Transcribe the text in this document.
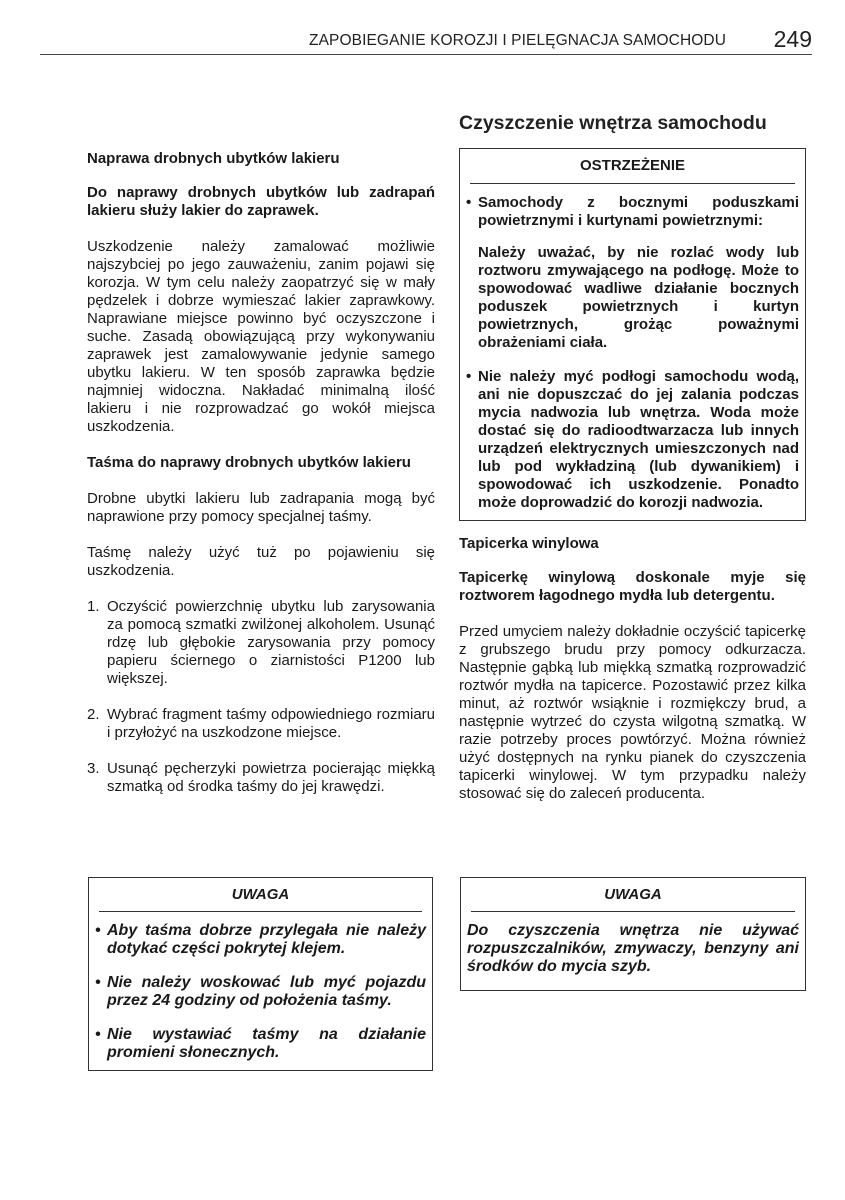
ZAPOBIEGANIE KOROZJI I PIELĘGNACJA SAMOCHODU 249

Naprawa drobnych ubytków lakieru

Do naprawy drobnych ubytków lub zadrapań lakieru służy lakier do zaprawek.

Uszkodzenie należy zamalować możliwie najszybciej po jego zauważeniu, zanim pojawi się korozja. W tym celu należy zaopatrzyć się w mały pędzelek i dobrze wymieszać lakier zaprawkowy. Naprawiane miejsce powinno być oczyszczone i suche. Zasadą obowiązującą przy wykonywaniu zaprawek jest zamalowywanie jedynie samego ubytku lakieru. W ten sposób zaprawka będzie najmniej widoczna. Nakładać minimalną ilość lakieru i nie rozprowadzać go wokół miejsca uszkodzenia.

Taśma do naprawy drobnych ubytków lakieru

Drobne ubytki lakieru lub zadrapania mogą być naprawione przy pomocy specjalnej taśmy.

Taśmę należy użyć tuż po pojawieniu się uszkodzenia.

1. Oczyścić powierzchnię ubytku lub zarysowania za pomocą szmatki zwilżonej alkoholem. Usunąć rdzę lub głębokie zarysowania przy pomocy papieru ściernego o ziarnistości P1200 lub większej.
2. Wybrać fragment taśmy odpowiedniego rozmiaru i przyłożyć na uszkodzone miejsce.
3. Usunąć pęcherzyki powietrza pocierając miękką szmatką od środka taśmy do jej krawędzi.
UWAGA
• Aby taśma dobrze przylegała nie należy dotykać części pokrytej klejem.
• Nie należy woskować lub myć pojazdu przez 24 godziny od położenia taśmy.
• Nie wystawiać taśmy na działanie promieni słonecznych.
Czyszczenie wnętrza samochodu
OSTRZEŻENIE
• Samochody z bocznymi poduszkami powietrznymi i kurtynami powietrznymi:
Należy uważać, by nie rozlać wody lub roztworu zmywającego na podłogę. Może to spowodować wadliwe działanie bocznych poduszek powietrznych i kurtyn powietrznych, grożąc poważnymi obrażeniami ciała.
• Nie należy myć podłogi samochodu wodą, ani nie dopuszczać do jej zalania podczas mycia nadwozia lub wnętrza. Woda może dostać się do radioodtwarzacza lub innych urządzeń elektrycznych umieszczonych nad lub pod wykładziną (lub dywanikiem) i spowodować ich uszkodzenie. Ponadto może doprowadzić do korozji nadwozia.

Tapicerka winylowa

Tapicerkę winylową doskonale myje się roztworem łagodnego mydła lub detergentu.

Przed umyciem należy dokładnie oczyścić tapicerkę z grubszego brudu przy pomocy odkurzacza. Następnie gąbką lub miękką szmatką rozprowadzić roztwór mydła na tapicerce. Pozostawić przez kilka minut, aż roztwór wsiąknie i rozmiękczy brud, a następnie wytrzeć do czysta wilgotną szmatką. W razie potrzeby proces powtórzyć. Można również użyć dostępnych na rynku pianek do czyszczenia tapicerki winylowej. W tym przypadku należy stosować się do zaleceń producenta.

UWAGA
Do czyszczenia wnętrza nie używać rozpuszczalników, zmywaczy, benzyny ani środków do mycia szyb.
